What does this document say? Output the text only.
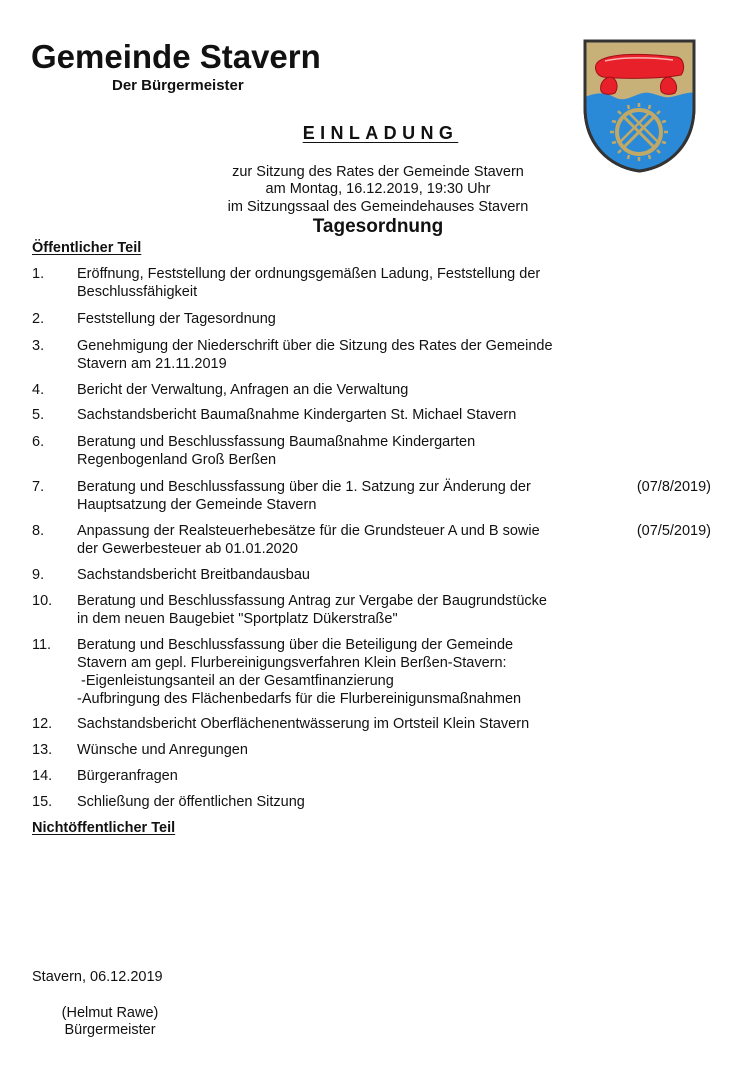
Gemeinde Stavern
Der Bürgermeister
EINLADUNG
zur Sitzung des Rates der Gemeinde Stavern
am Montag, 16.12.2019, 19:30 Uhr
im Sitzungssaal des Gemeindehauses Stavern
Tagesordnung
Öffentlicher Teil
1. Eröffnung, Feststellung der ordnungsgemäßen Ladung, Feststellung der
Beschlussfähigkeit
2. Feststellung der Tagesordnung
3. Genehmigung der Niederschrift über die Sitzung des Rates der Gemeinde
Stavern am 21.11.2019
4. Bericht der Verwaltung, Anfragen an die Verwaltung
5. Sachstandsbericht Baumaßnahme Kindergarten St. Michael Stavern
6. Beratung und Beschlussfassung Baumaßnahme Kindergarten
Regenbogenland Groß Berßen
7. Beratung und Beschlussfassung über die 1. Satzung zur Änderung der
Hauptsatzung der Gemeinde Stavern
(07/8/2019)
8. Anpassung der Realsteuerhebesätze für die Grundsteuer A und B sowie
der Gewerbesteuer ab 01.01.2020
(07/5/2019)
9. Sachstandsbericht Breitbandausbau
10. Beratung und Beschlussfassung Antrag zur Vergabe der Baugrundstücke
in dem neuen Baugebiet "Sportplatz Dükerstraße"
11. Beratung und Beschlussfassung über die Beteiligung der Gemeinde
Stavern am gepl. Flurbereinigungsverfahren Klein Berßen-Stavern:
-Eigenleistungsanteil an der Gesamtfinanzierung
-Aufbringung des Flächenbedarfs für die Flurbereinigunsmaßnahmen
12. Sachstandsbericht Oberflächenentwässerung im Ortsteil Klein Stavern
13. Wünsche und Anregungen
14. Bürgeranfragen
15. Schließung der öffentlichen Sitzung
Nichtöffentlicher Teil
Stavern, 06.12.2019
(Helmut Rawe)
Bürgermeister
